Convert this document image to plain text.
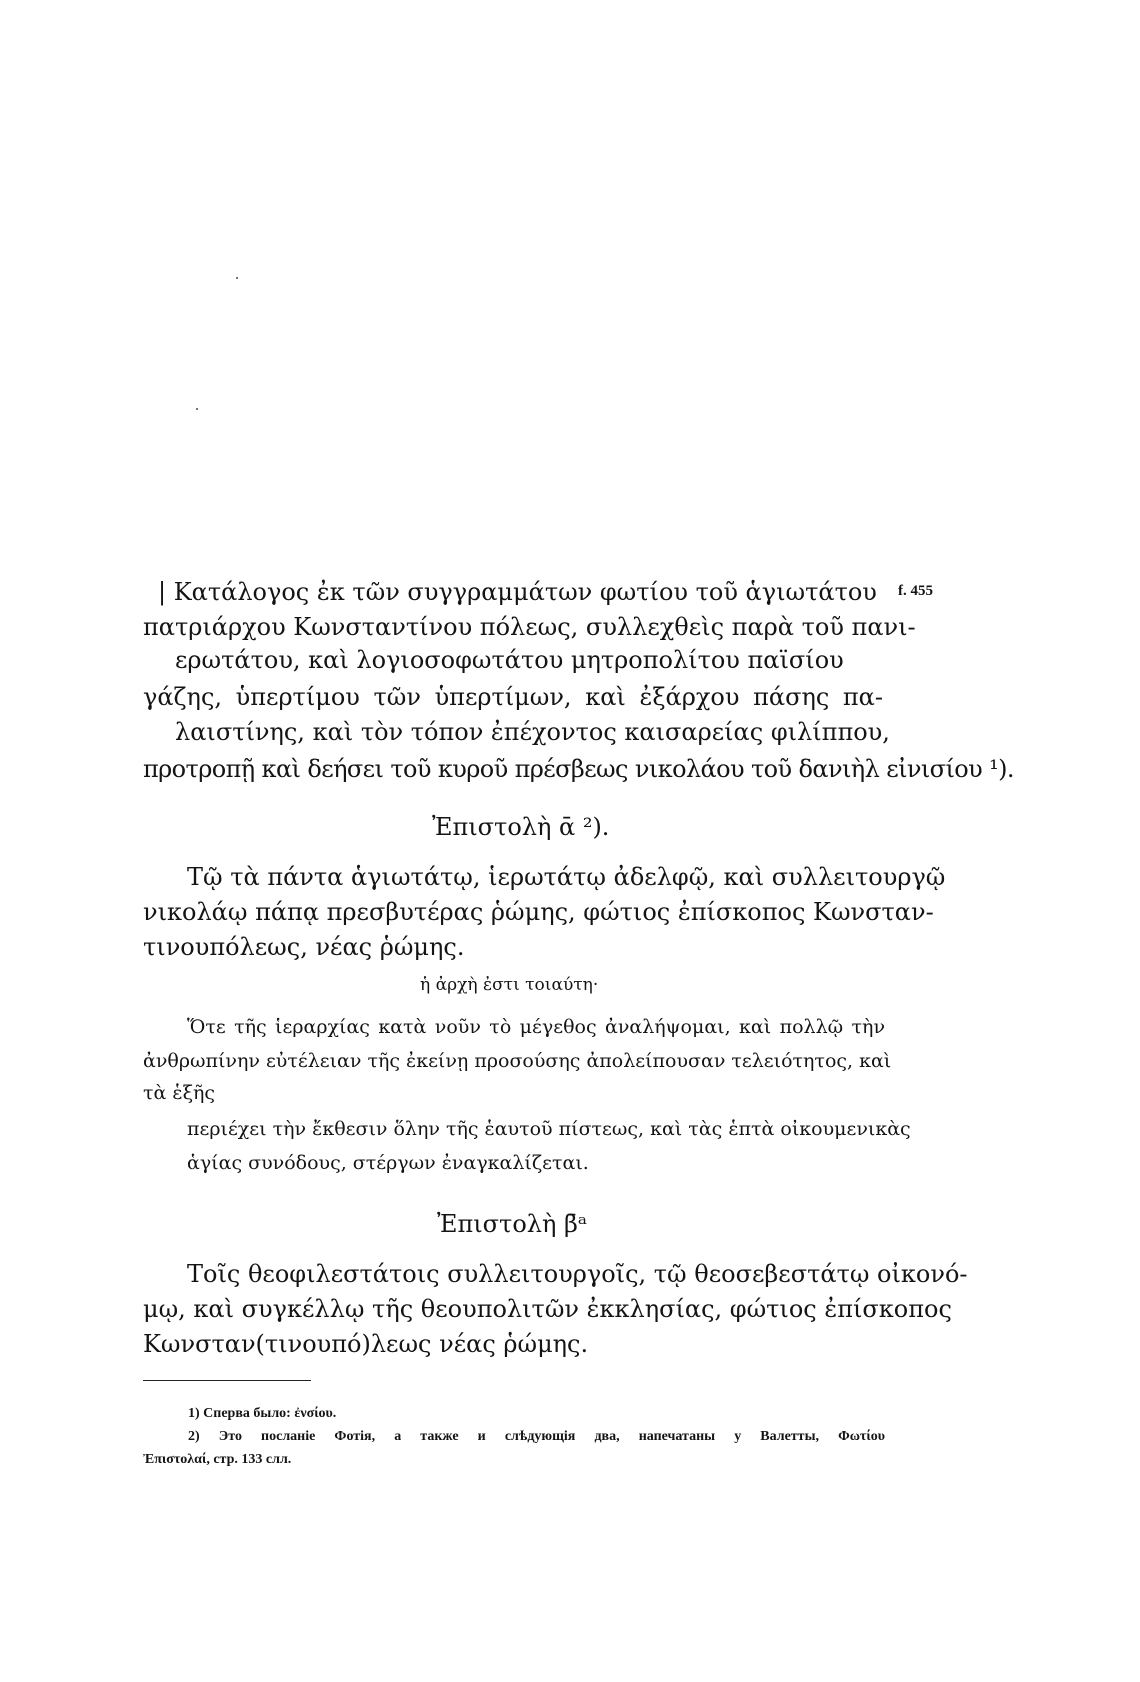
f. 455
| Κατάλογος ἐκ τῶν συγγραμμάτων φωτίου τοῦ ἁγιωτάτου
πατριάρχου Κωνσταντίνου πόλεως, συλλεχθεὶς παρὰ τοῦ πανι-
ερωτάτου, καὶ λογιοσοφωτάτου μητροπολίτου παϊσίου
γάζης, ὑπερτίμου τῶν ὑπερτίμων, καὶ ἐξάρχου πάσης πα-
λαιστίνης, καὶ τὸν τόπον ἐπέχοντος καισαρείας φιλίππου,
προτροπῇ καὶ δεήσει τοῦ κυροῦ πρέσβεως νικολάου τοῦ δανιὴλ εἰνισίου ¹).
Ἐπιστολὴ ᾱ ²).
Τῷ τὰ πάντα ἁγιωτάτῳ, ἱερωτάτῳ ἀδελφῷ, καὶ συλλειτουργῷ
νικολάῳ πάπᾳ πρεσβυτέρας ῥώμης, φώτιος ἐπίσκοπος Κωνσταν-
τινουπόλεως, νέας ῥώμης.
ἡ ἀρχὴ ἐστι τοιαύτη·
Ὅτε τῆς ἱεραρχίας κατὰ νοῦν τὸ μέγεθος ἀναλήψομαι, καὶ πολλῷ τὴν
ἀνθρωπίνην εὐτέλειαν τῆς ἐκείνῃ προσούσης ἀπολείπουσαν τελειότητος, καὶ
τὰ ἑξῆς
περιέχει τὴν ἔκθεσιν ὅλην τῆς ἑαυτοῦ πίστεως, καὶ τὰς ἑπτὰ οἰκουμενικὰς
ἁγίας συνόδους, στέργων ἐναγκαλίζεται.
Ἐπιστολὴ β̄ᵃ
Τοῖς θεοφιλεστάτοις συλλειτουργοῖς, τῷ θεοσεβεστάτῳ οἰκονό-
μῳ, καὶ συγκέλλῳ τῆς θεουπολιτῶν ἐκκλησίας, φώτιος ἐπίσκοπος
Κωνσταν(τινουπό)λεως νέας ῥώμης.
1) Сперва было: ἐνσίου.
2) Это посланіе Фотія, а также и слѣдующія два, напечатаны у Валетты, Φωτίου
Ἐπιστολαί, стр. 133 слл.
